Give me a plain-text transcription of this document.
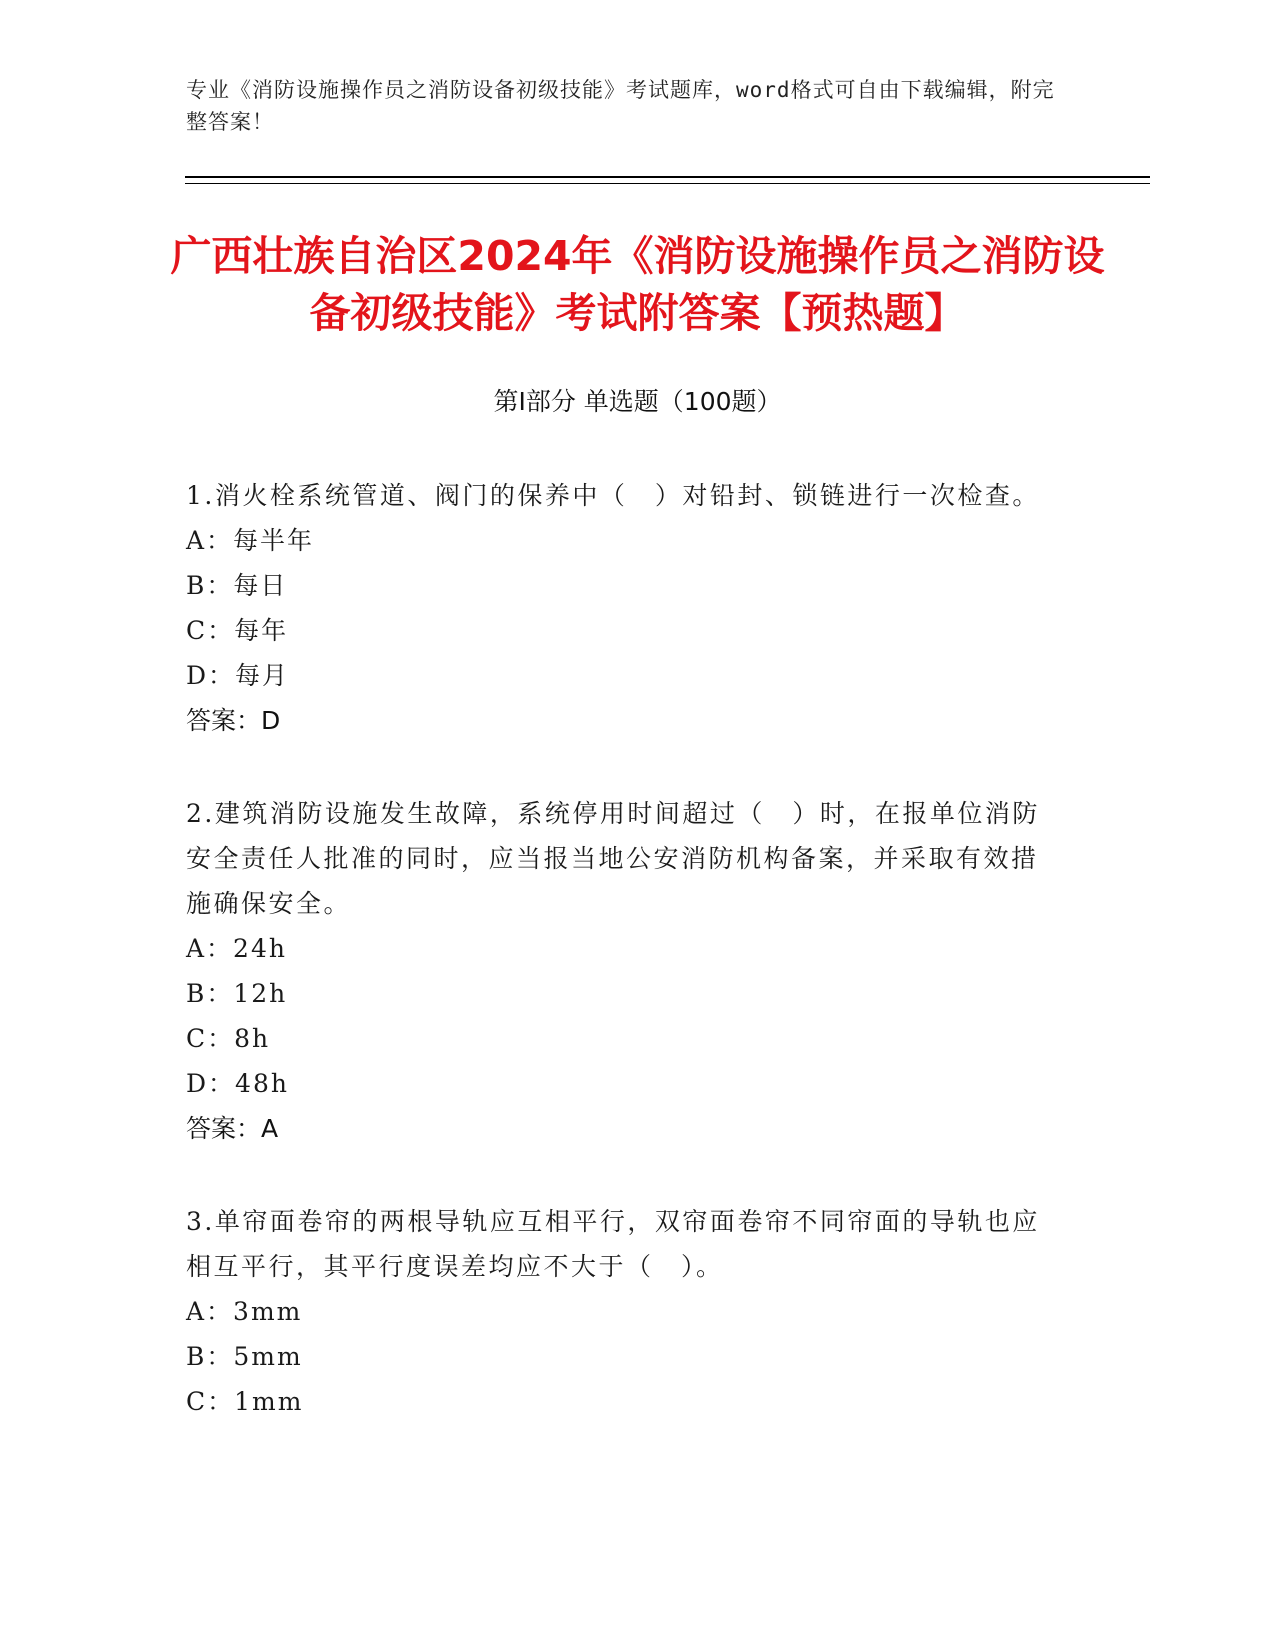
专业《消防设施操作员之消防设备初级技能》考试题库，word格式可自由下载编辑，附完整答案！
广西壮族自治区2024年《消防设施操作员之消防设备初级技能》考试附答案【预热题】
第I部分 单选题（100题）
1.消火栓系统管道、阀门的保养中（　）对铅封、锁链进行一次检查。
A：每半年
B：每日
C：每年
D：每月
答案：D
2.建筑消防设施发生故障，系统停用时间超过（　）时，在报单位消防安全责任人批准的同时，应当报当地公安消防机构备案，并采取有效措施确保安全。
A：24h
B：12h
C：8h
D：48h
答案：A
3.单帘面卷帘的两根导轨应互相平行，双帘面卷帘不同帘面的导轨也应相互平行，其平行度误差均应不大于（　）。
A：3mm
B：5mm
C：1mm
